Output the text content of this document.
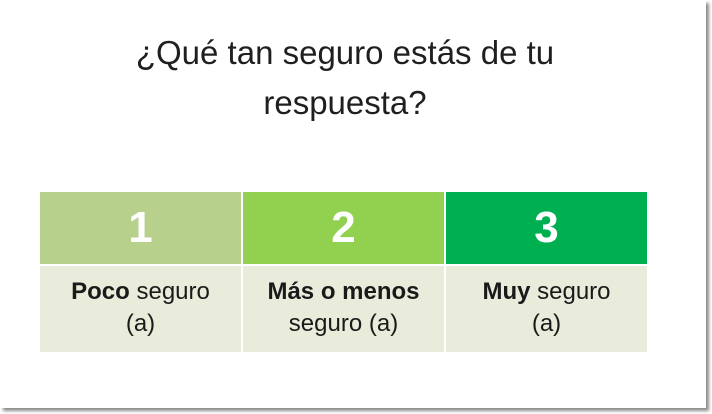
¿Qué tan seguro estás de tu
respuesta?
1	2	3
Poco seguro
(a)
Más o menos
seguro (a)
Muy seguro
(a)
